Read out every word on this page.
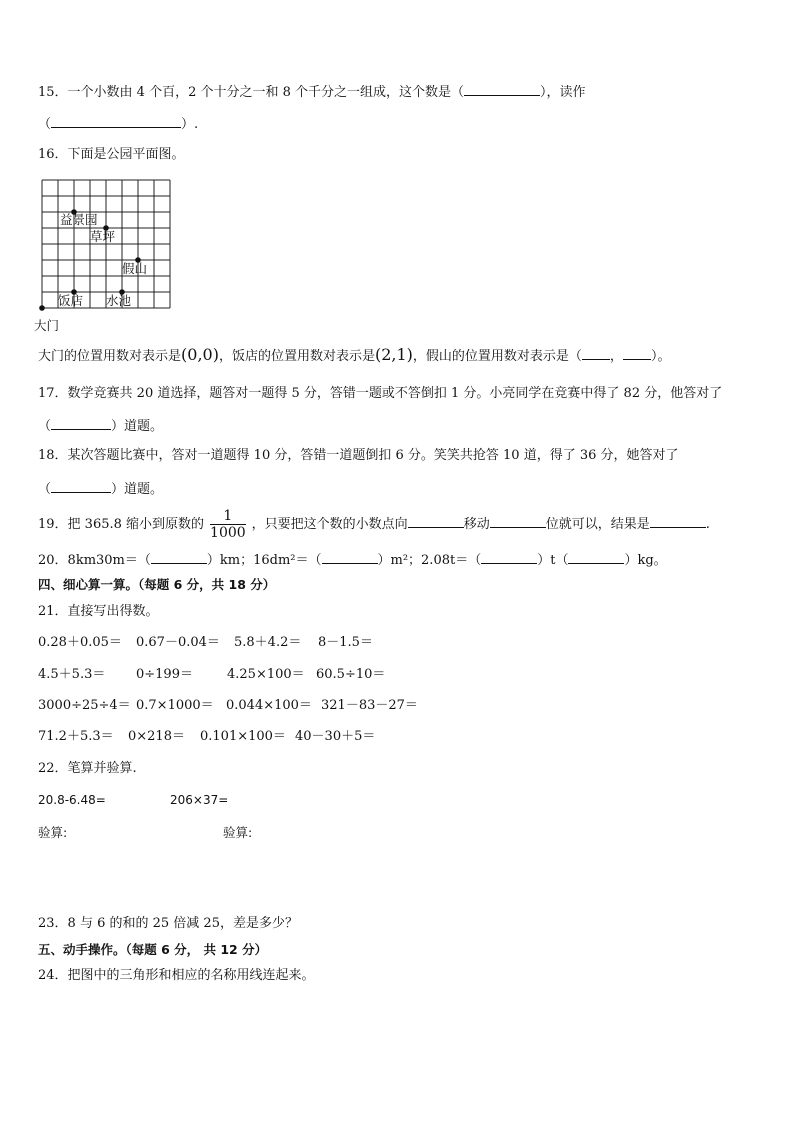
15．一个小数由 4 个百，2 个十分之一和 8 个千分之一组成，这个数是（	），读作
（	）.
16．下面是公园平面图。
益景园
草坪
假山
饭店 水池
大门
大门的位置用数对表示是(0,0)，饭店的位置用数对表示是(2,1)，假山的位置用数对表示是（ ， ）。
17．数学竞赛共 20 道选择，题答对一题得 5 分，答错一题或不答倒扣 1 分。小亮同学在竞赛中得了 82 分，他答对了
（	）道题。
18．某次答题比赛中，答对一道题得 10 分，答错一道题倒扣 6 分。笑笑共抢答 10 道，得了 36 分，她答对了
（	）道题。
19．把 365.8 缩小到原数的 $\frac{1}{1000}$ ，只要把这个数的小数点向	移动	位就可以，结果是	.
20．8km30m＝（	）km；16dm²＝（	）m²；2.08t＝（	）t（	）kg。
四、细心算一算。（每题 6 分，共 18 分）
21．直接写出得数。
0.28＋0.05＝ 0.67－0.04＝ 5.8＋4.2＝ 8－1.5＝
4.5＋5.3＝ 0÷199＝	4.25×100＝ 60.5÷10＝
3000÷25÷4＝ 0.7×1000＝ 0.044×100＝ 321－83－27＝
71.2＋5.3＝ 0×218＝ 0.101×100＝ 40－30＋5＝
22．笔算并验算.
20.8-6.48=	206×37=
验算:	验算:
23．8 与 6 的和的 25 倍减 25，差是多少？
五、动手操作。（每题 6 分， 共 12 分）
24．把图中的三角形和相应的名称用线连起来。
